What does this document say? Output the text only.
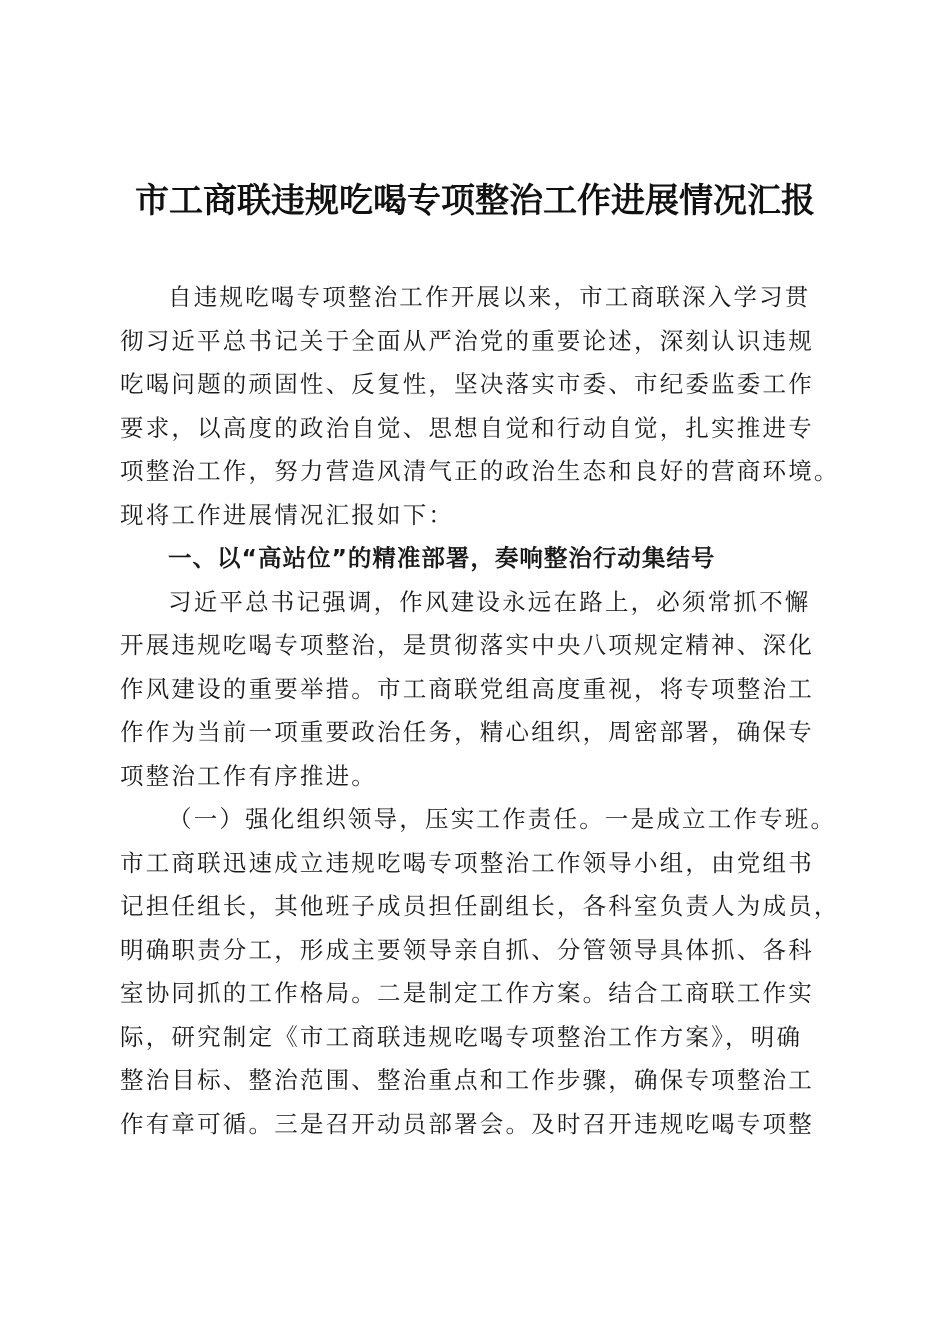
市工商联违规吃喝专项整治工作进展情况汇报
自违规吃喝专项整治工作开展以来，市工商联深入学习贯
彻习近平总书记关于全面从严治党的重要论述，深刻认识违规
吃喝问题的顽固性、反复性，坚决落实市委、市纪委监委工作
要求，以高度的政治自觉、思想自觉和行动自觉，扎实推进专
项整治工作，努力营造风清气正的政治生态和良好的营商环境。
现将工作进展情况汇报如下：
一、以“高站位”的精准部署，奏响整治行动集结号
习近平总书记强调，作风建设永远在路上，必须常抓不懈
开展违规吃喝专项整治，是贯彻落实中央八项规定精神、深化
作风建设的重要举措。市工商联党组高度重视，将专项整治工
作作为当前一项重要政治任务，精心组织，周密部署，确保专
项整治工作有序推进。
（一）强化组织领导，压实工作责任。一是成立工作专班。
市工商联迅速成立违规吃喝专项整治工作领导小组，由党组书
记担任组长，其他班子成员担任副组长，各科室负责人为成员，
明确职责分工，形成主要领导亲自抓、分管领导具体抓、各科
室协同抓的工作格局。二是制定工作方案。结合工商联工作实
际，研究制定《市工商联违规吃喝专项整治工作方案》，明确
整治目标、整治范围、整治重点和工作步骤，确保专项整治工
作有章可循。三是召开动员部署会。及时召开违规吃喝专项整
